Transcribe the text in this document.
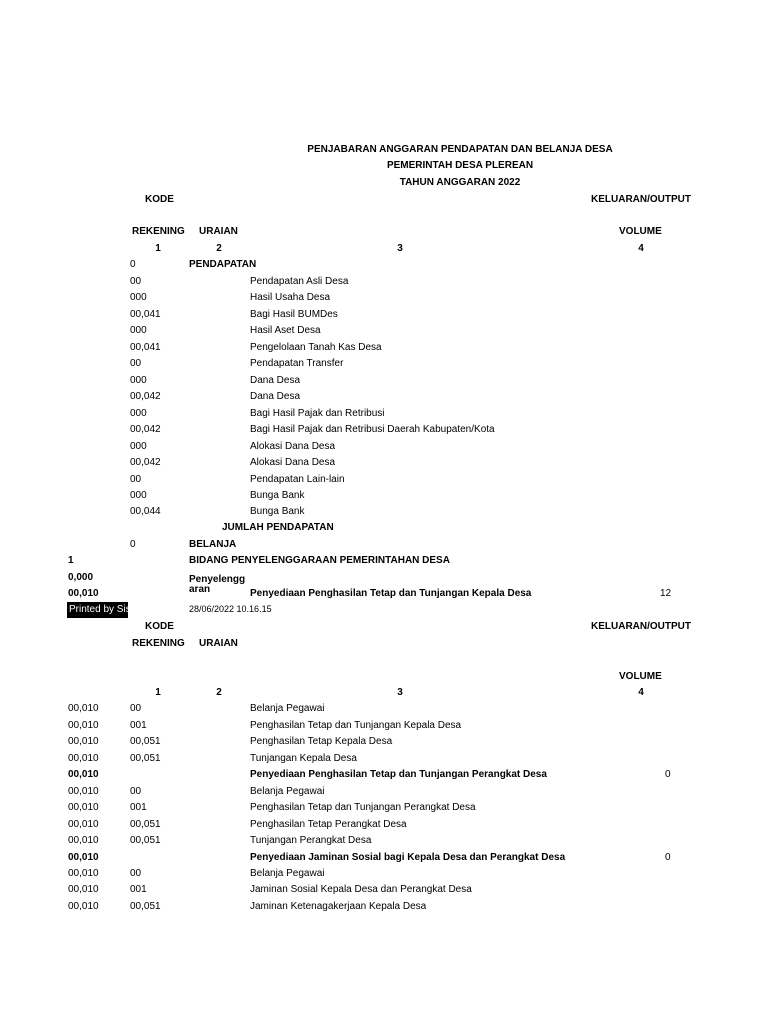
PENJABARAN ANGGARAN PENDAPATAN DAN BELANJA DESA
PEMERINTAH DESA PLEREAN
TAHUN ANGGARAN 2022
KODE	KELUARAN/OUTPUT
REKENING URAIAN	VOLUME
1	2	3	4
0	PENDAPATAN
00	Pendapatan Asli Desa
000	Hasil Usaha Desa
00,041	Bagi Hasil BUMDes
000	Hasil Aset Desa
00,041	Pengelolaan Tanah Kas Desa
00	Pendapatan Transfer
000	Dana Desa
00,042	Dana Desa
000	Bagi Hasil Pajak dan Retribusi
00,042	Bagi Hasil Pajak dan Retribusi Daerah Kabupaten/Kota
000	Alokasi Dana Desa
00,042	Alokasi Dana Desa
00	Pendapatan Lain-lain
000	Bunga Bank
00,044	Bunga Bank
JUMLAH PENDAPATAN
0	BELANJA
1	BIDANG PENYELENGGARAAN PEMERINTAHAN DESA
0,000	Penyelengg
aran
00,010	Penyediaan Penghasilan Tetap dan Tunjangan Kepala Desa	12
Printed by Siskeudes	28/06/2022 10.16.15
KODE	KELUARAN/OUTPUT
REKENING URAIAN
VOLUME
1	2	3	4
00,010	00	Belanja Pegawai
00,010	001	Penghasilan Tetap dan Tunjangan Kepala Desa
00,010	00,051	Penghasilan Tetap Kepala Desa
00,010	00,051	Tunjangan Kepala Desa
00,010	Penyediaan Penghasilan Tetap dan Tunjangan Perangkat Desa	0
00,010	00	Belanja Pegawai
00,010	001	Penghasilan Tetap dan Tunjangan Perangkat Desa
00,010	00,051	Penghasilan Tetap Perangkat Desa
00,010	00,051	Tunjangan Perangkat Desa
00,010	Penyediaan Jaminan Sosial bagi Kepala Desa dan Perangkat Desa	0
00,010	00	Belanja Pegawai
00,010	001	Jaminan Sosial Kepala Desa dan Perangkat Desa
00,010	00,051	Jaminan Ketenagakerjaan Kepala Desa
